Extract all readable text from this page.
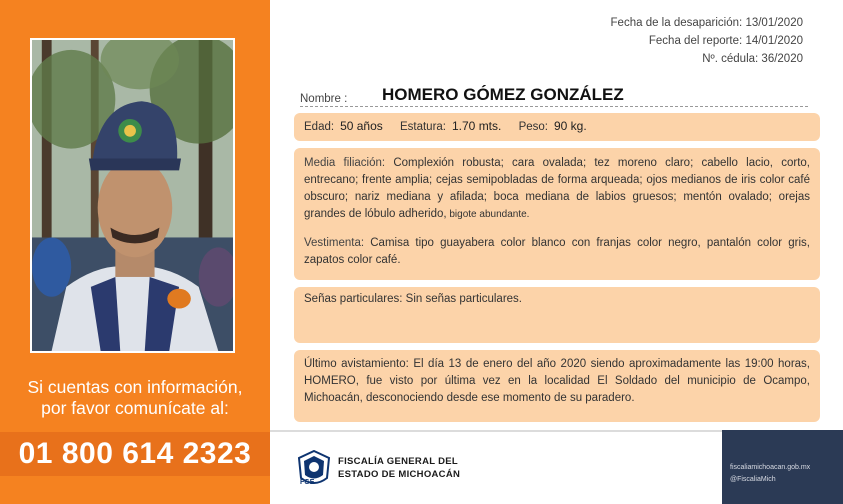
Si cuentas con información,
por favor comunícate al:
01 800 614 2323
Fecha de la desaparición: 13/01/2020
Fecha del reporte: 14/01/2020
Nº. cédula: 36/2020
Nombre : HOMERO GÓMEZ GONZÁLEZ
Edad: 50 años Estatura: 1.70 mts. Peso: 90 kg.

Media filiación: Complexión robusta; cara ovalada; tez moreno claro; cabello lacio, corto, entrecano; frente amplia; cejas semipobladas de forma arqueada; ojos medianos de iris color café obscuro; nariz mediana y afilada; boca mediana de labios gruesos; mentón ovalado; orejas grandes de lóbulo adherido, bigote abundante.

Vestimenta: Camisa tipo guayabera color blanco con franjas color negro, pantalón color gris, zapatos color café.

Señas particulares: Sin señas particulares.
Último avistamiento: El día 13 de enero del año 2020 siendo aproximadamente las 19:00 horas, HOMERO, fue visto por última vez en la localidad El Soldado del municipio de Ocampo, Michoacán, desconociendo desde ese momento de su paradero.
FGE
FISCALÍA GENERAL DEL
ESTADO DE MICHOACÁN
fiscaliamichoacan.gob.mx
@FiscaliaMich
